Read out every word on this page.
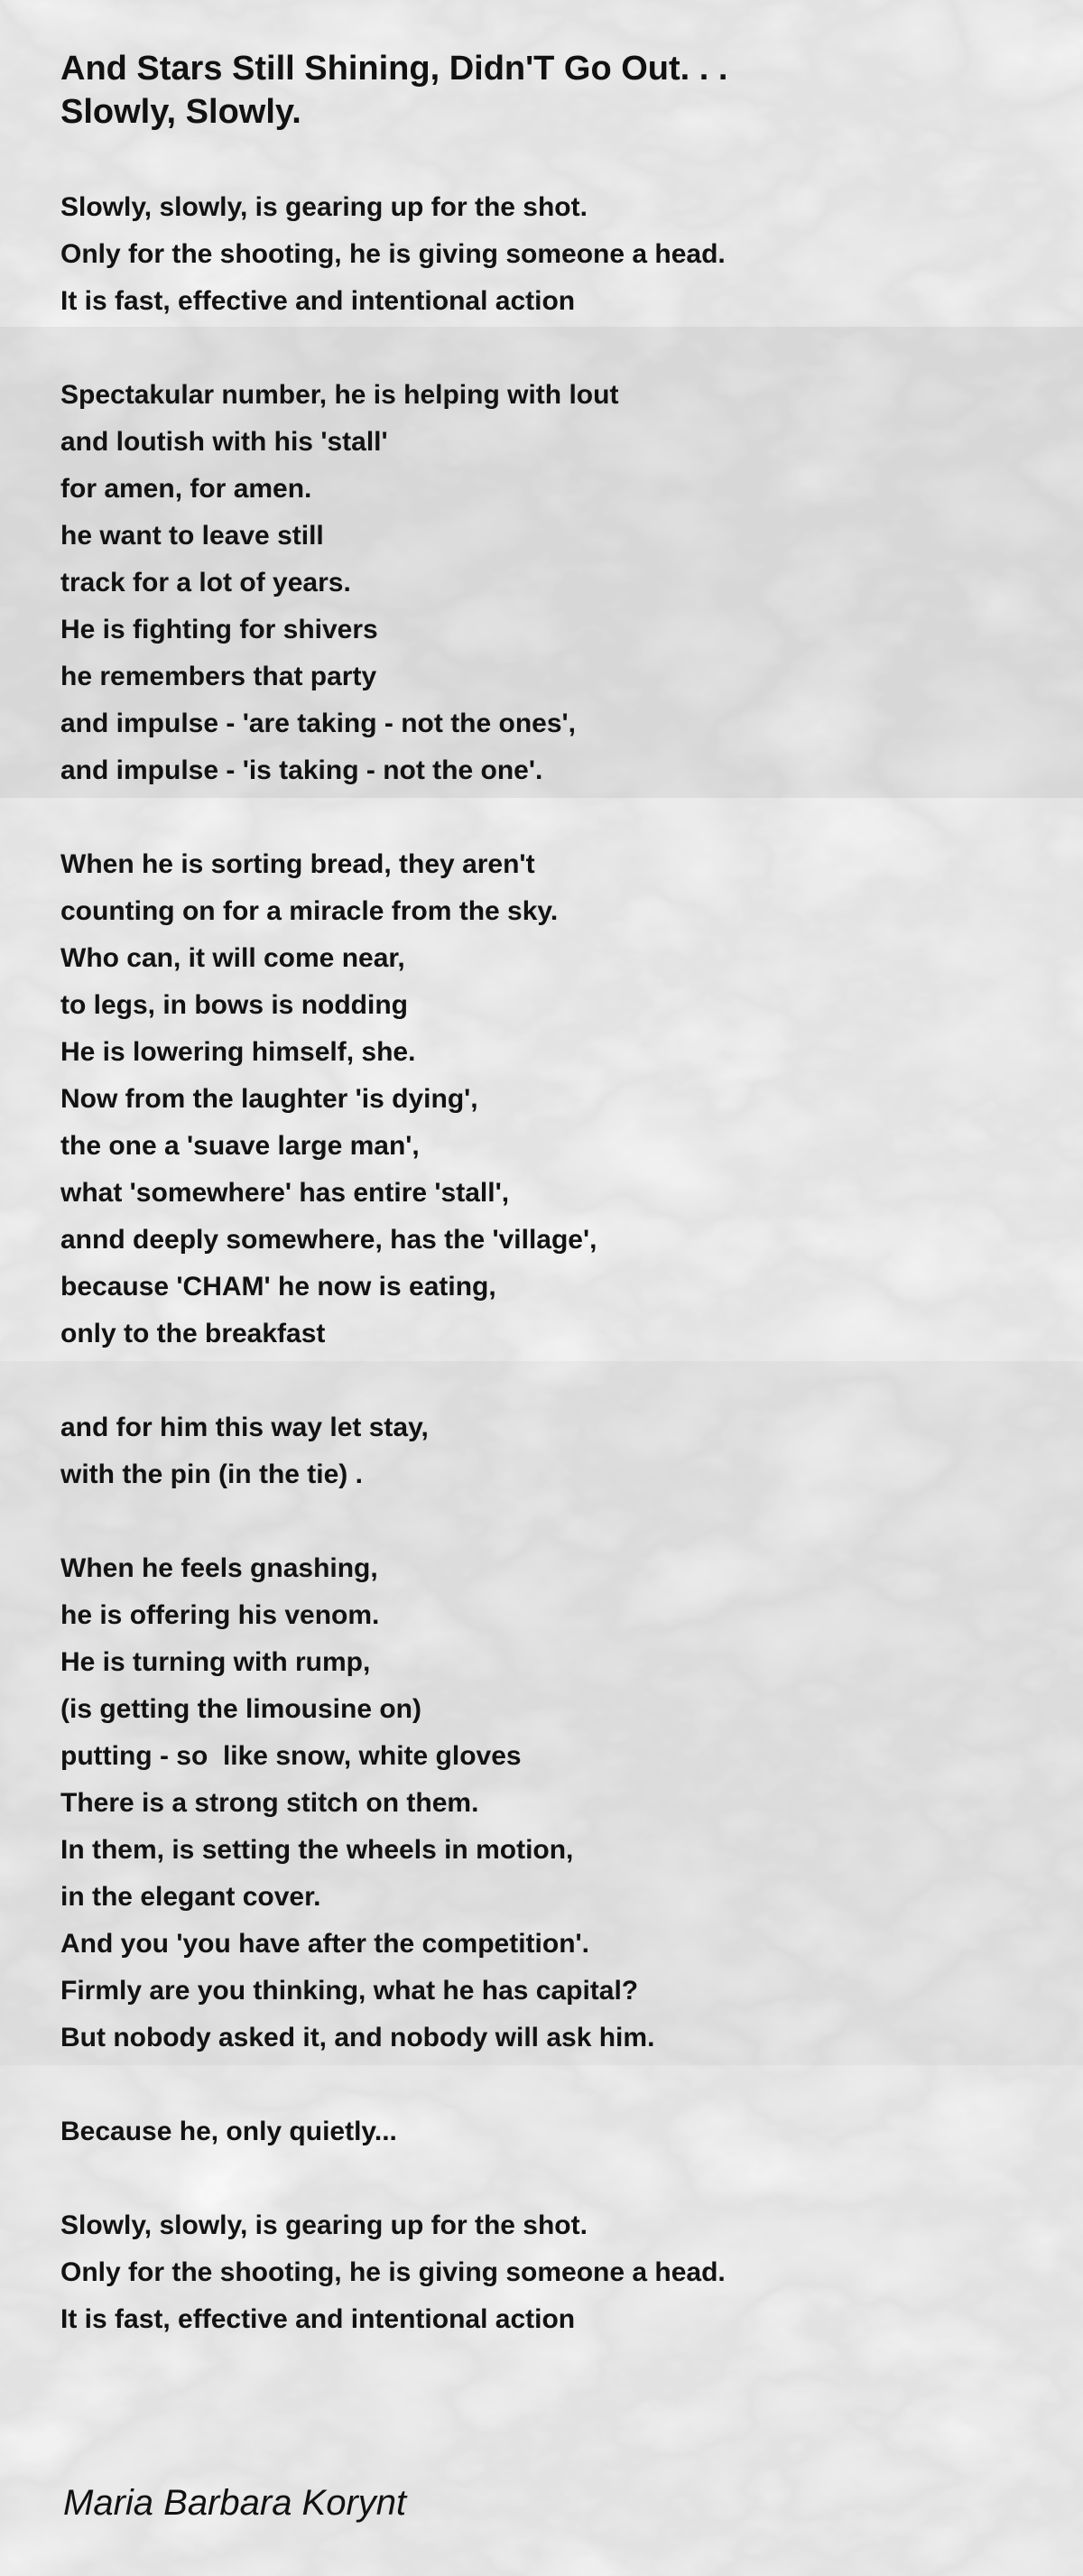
And Stars Still Shining, Didn'T Go Out. . .
Slowly, Slowly.
Slowly, slowly, is gearing up for the shot.
Only for the shooting, he is giving someone a head.
It is fast, effective and intentional action
Spectakular number, he is helping with lout
and loutish with his 'stall'
for amen, for amen.
he want to leave still
track for a lot of years.
He is fighting for shivers
he remembers that party
and impulse - 'are taking - not the ones',
and impulse - 'is taking - not the one'.
When he is sorting bread, they aren't
counting on for a miracle from the sky.
Who can, it will come near,
to legs, in bows is nodding
He is lowering himself, she.
Now from the laughter 'is dying',
the one a 'suave large man',
what 'somewhere' has entire 'stall',
annd deeply somewhere, has the 'village',
because 'CHAM' he now is eating,
only to the breakfast
and for him this way let stay,
with the pin (in the tie) .
When he feels gnashing,
he is offering his venom.
He is turning with rump,
(is getting the limousine on)
putting - so  like snow, white gloves
There is a strong stitch on them.
In them, is setting the wheels in motion,
in the elegant cover.
And you 'you have after the competition'.
Firmly are you thinking, what he has capital?
But nobody asked it, and nobody will ask him.
Because he, only quietly...
Slowly, slowly, is gearing up for the shot.
Only for the shooting, he is giving someone a head.
It is fast, effective and intentional action
Maria Barbara Korynt
